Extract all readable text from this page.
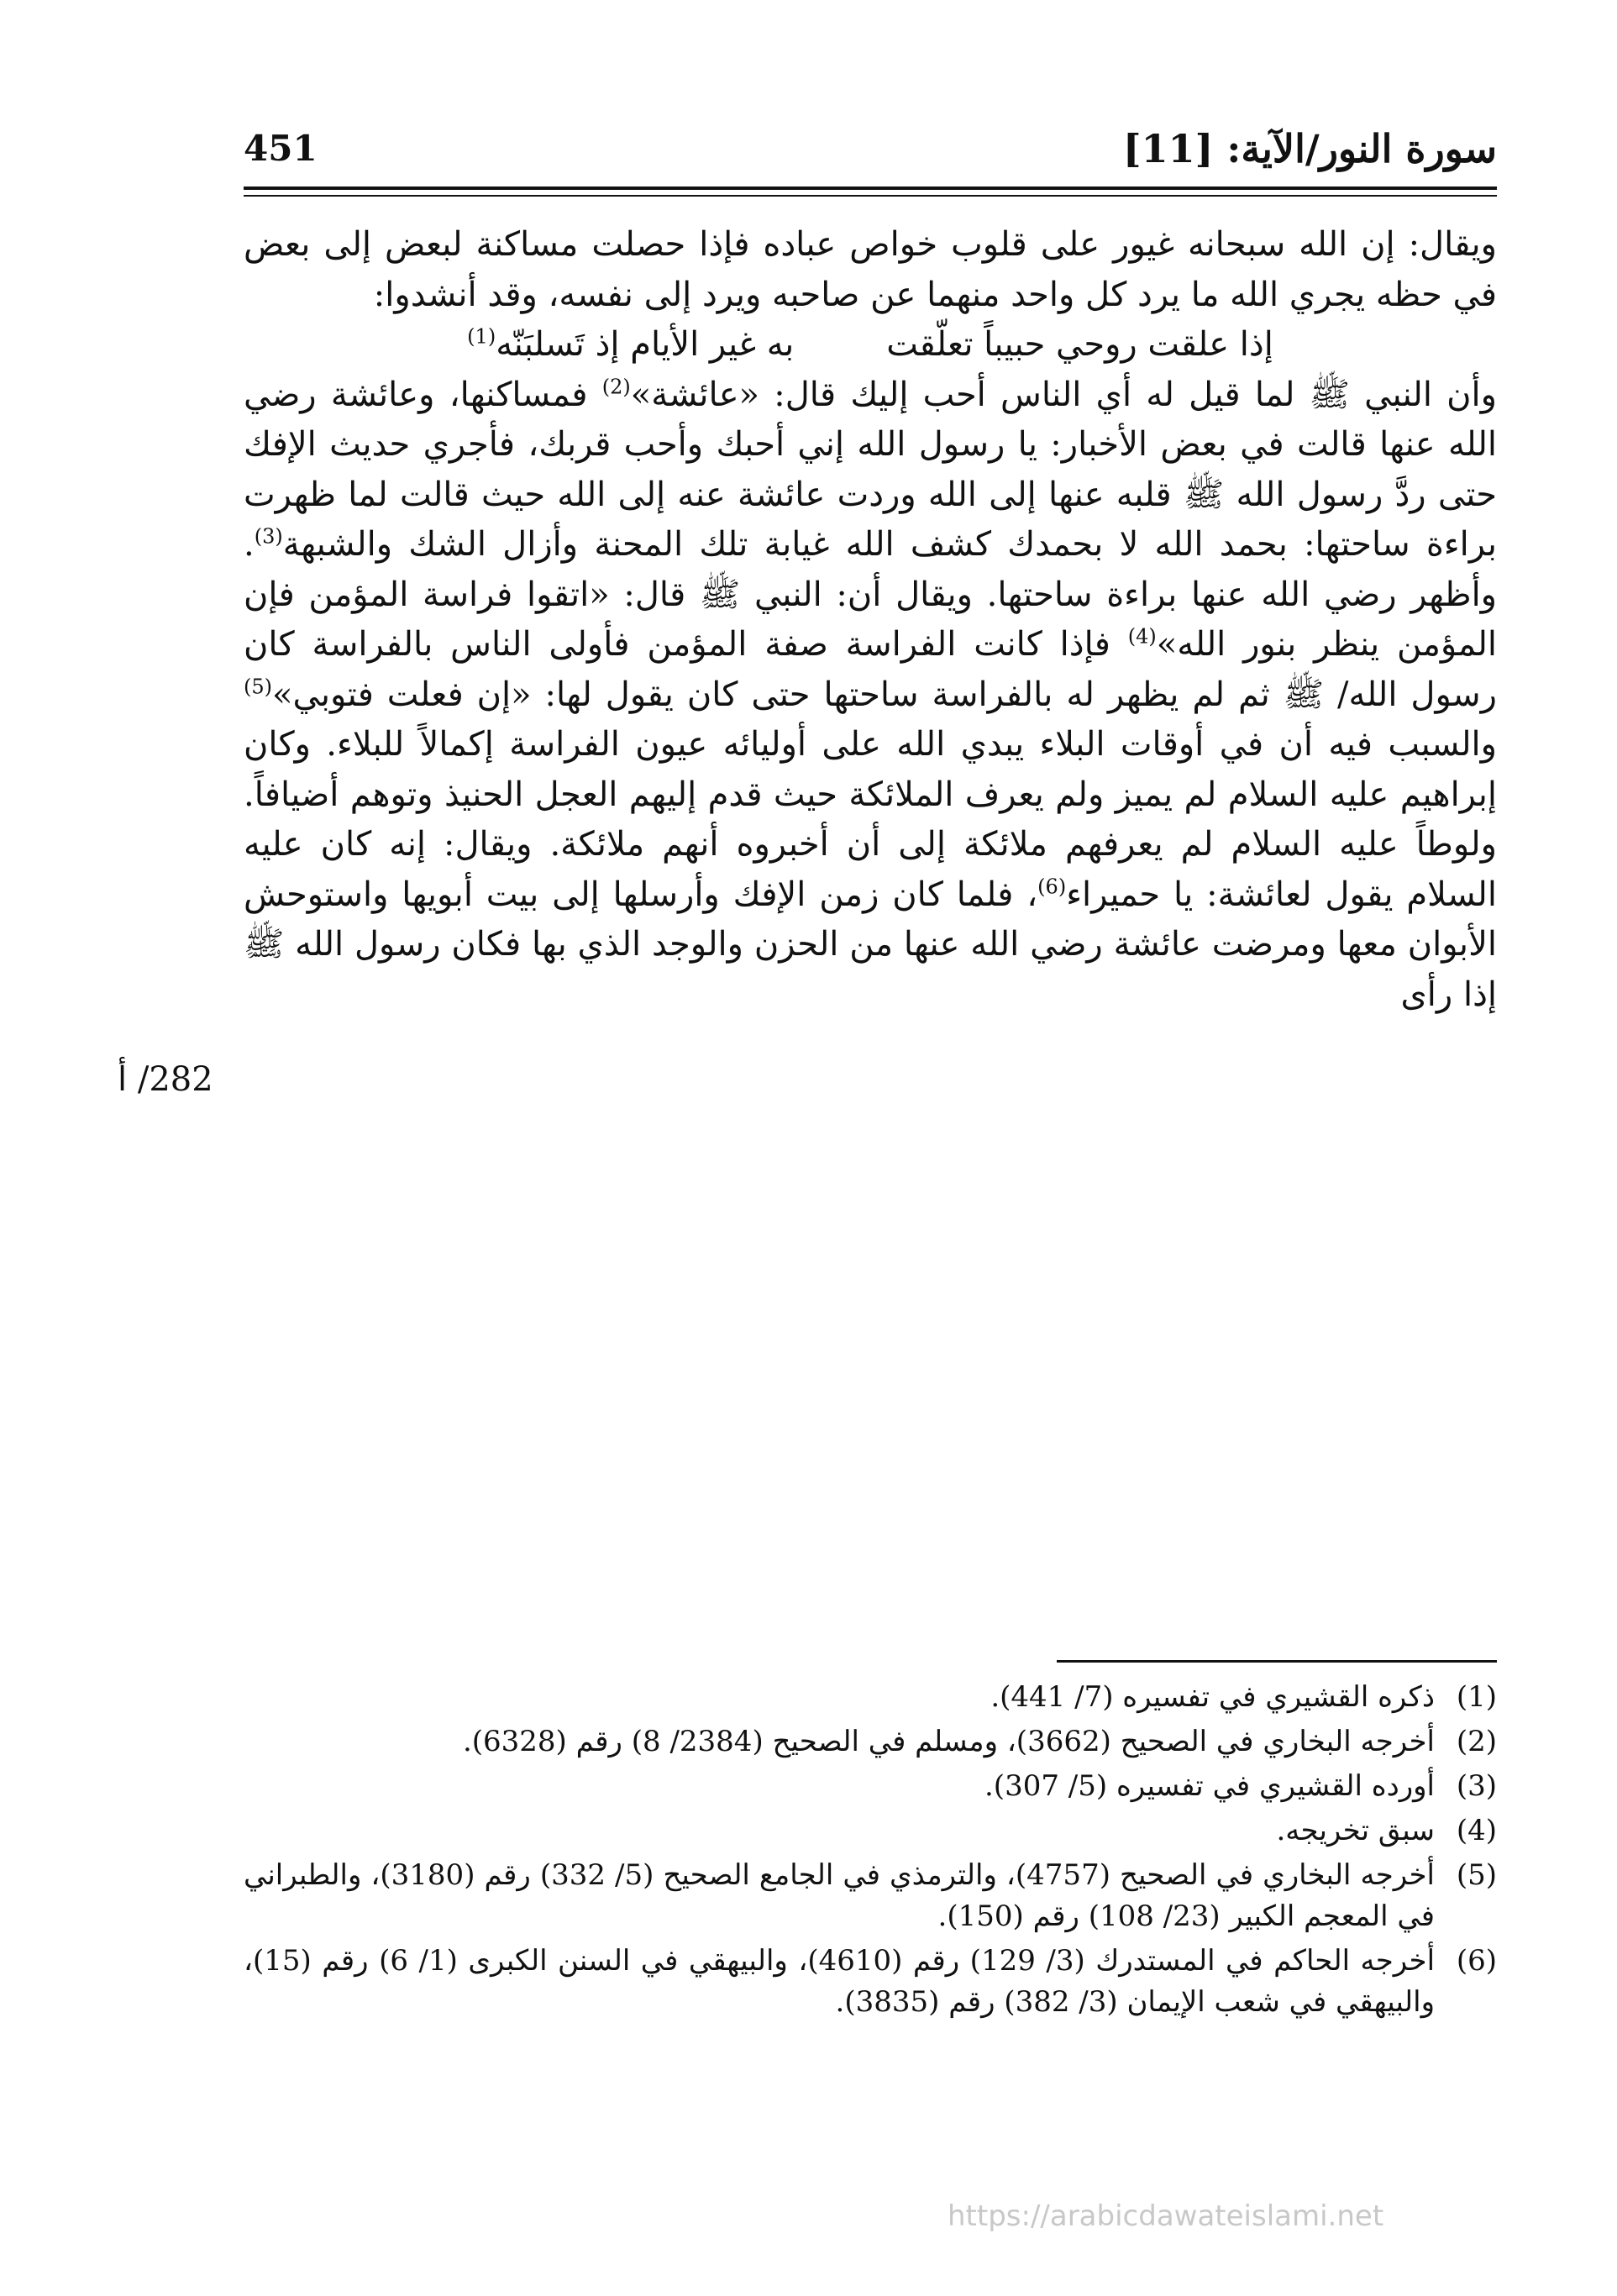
سورة النور/الآية: [11]
451

ويقال: إن الله سبحانه غيور على قلوب خواص عباده فإذا حصلت مساكنة لبعض إلى بعض في حظه يجري الله ما يرد كل واحد منهما عن صاحبه ويرد إلى نفسه، وقد أنشدوا:

إذا علقت روحي حبيباً تعلّقتبه غير الأيام إذ تَسلبَنّه$^{(1)}$

وأن النبي ﷺ لما قيل له أي الناس أحب إليك قال: «عائشة»$^{(2)}$ فمساكنها، وعائشة رضي الله عنها قالت في بعض الأخبار: يا رسول الله إني أحبك وأحب قربك، فأجري حديث الإفك حتى ردَّ رسول الله ﷺ قلبه عنها إلى الله وردت عائشة عنه إلى الله حيث قالت لما ظهرت براءة ساحتها: بحمد الله لا بحمدك كشف الله غيابة تلك المحنة وأزال الشك والشبهة$^{(3)}$. وأظهر رضي الله عنها براءة ساحتها. ويقال أن: النبي ﷺ قال: «اتقوا فراسة المؤمن فإن المؤمن ينظر بنور الله»$^{(4)}$ فإذا كانت الفراسة صفة المؤمن فأولى الناس بالفراسة كان رسول الله/ ﷺ ثم لم يظهر له بالفراسة ساحتها حتى كان يقول لها: «إن فعلت فتوبي»$^{(5)}$ والسبب فيه أن في أوقات البلاء يبدي الله على أوليائه عيون الفراسة إكمالاً للبلاء. وكان إبراهيم عليه السلام لم يميز ولم يعرف الملائكة حيث قدم إليهم العجل الحنيذ وتوهم أضيافاً. ولوطاً عليه السلام لم يعرفهم ملائكة إلى أن أخبروه أنهم ملائكة. ويقال: إنه كان عليه السلام يقول لعائشة: يا حميراء$^{(6)}$، فلما كان زمن الإفك وأرسلها إلى بيت أبويها واستوحش الأبوان معها ومرضت عائشة رضي الله عنها من الحزن والوجد الذي بها فكان رسول الله ﷺ إذا رأى

282/ أ

(1)
ذكره القشيري في تفسيره (7/ 441).

(2)
أخرجه البخاري في الصحيح (3662)، ومسلم في الصحيح (2384/ 8) رقم (6328).

(3)
أورده القشيري في تفسيره (5/ 307).

(4)
سبق تخريجه.

(5)
أخرجه البخاري في الصحيح (4757)، والترمذي في الجامع الصحيح (5/ 332) رقم (3180)، والطبراني في المعجم الكبير (23/ 108) رقم (150).

(6)
أخرجه الحاكم في المستدرك (3/ 129) رقم (4610)، والبيهقي في السنن الكبرى (1/ 6) رقم (15)، والبيهقي في شعب الإيمان (3/ 382) رقم (3835).

https://arabicdawateislami.net
